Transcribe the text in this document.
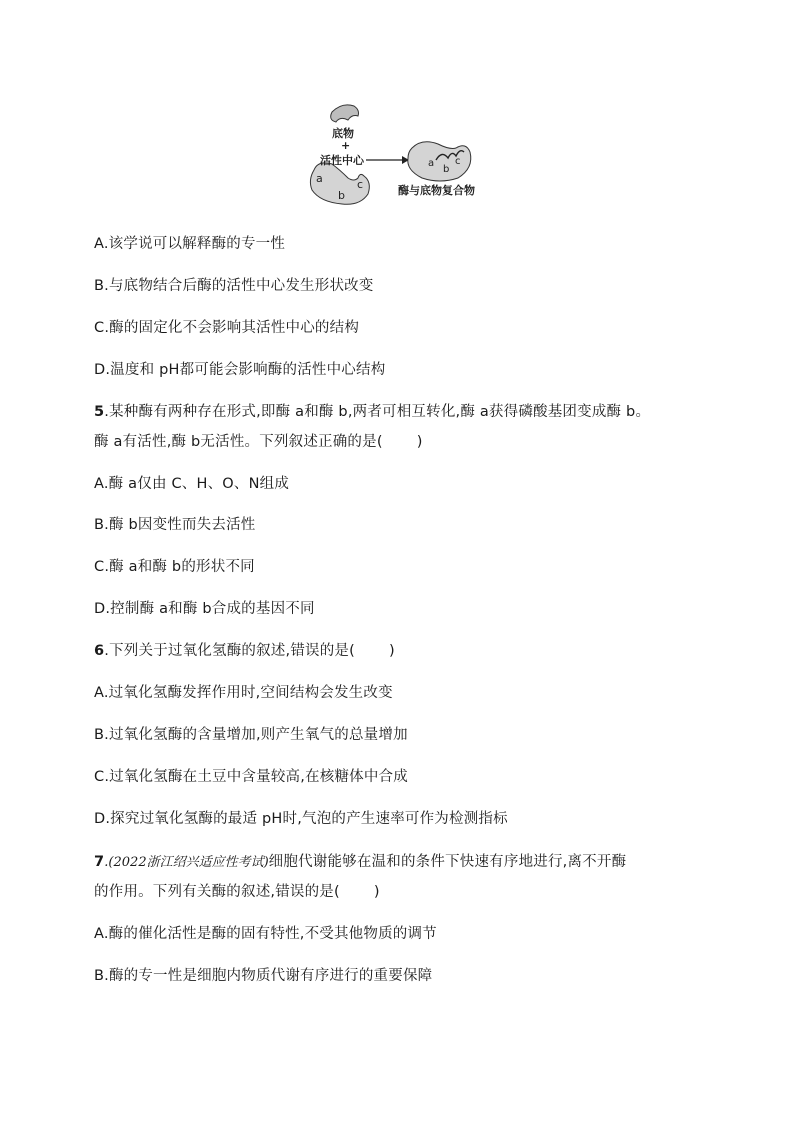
底物
+
活性中心
a
b
c
a
b
c
酶与底物复合物
A.该学说可以解释酶的专一性
B.与底物结合后酶的活性中心发生形状改变
C.酶的固定化不会影响其活性中心的结构
D.温度和 pH都可能会影响酶的活性中心结构
5.某种酶有两种存在形式,即酶 a和酶 b,两者可相互转化,酶 a获得磷酸基团变成酶 b。
酶 a有活性,酶 b无活性。下列叙述正确的是( )
A.酶 a仅由 C、H、O、N组成
B.酶 b因变性而失去活性
C.酶 a和酶 b的形状不同
D.控制酶 a和酶 b合成的基因不同
6.下列关于过氧化氢酶的叙述,错误的是( )
A.过氧化氢酶发挥作用时,空间结构会发生改变
B.过氧化氢酶的含量增加,则产生氧气的总量增加
C.过氧化氢酶在土豆中含量较高,在核糖体中合成
D.探究过氧化氢酶的最适 pH时,气泡的产生速率可作为检测指标
7.(2022浙江绍兴适应性考试)细胞代谢能够在温和的条件下快速有序地进行,离不开酶
的作用。下列有关酶的叙述,错误的是( )
A.酶的催化活性是酶的固有特性,不受其他物质的调节
B.酶的专一性是细胞内物质代谢有序进行的重要保障
